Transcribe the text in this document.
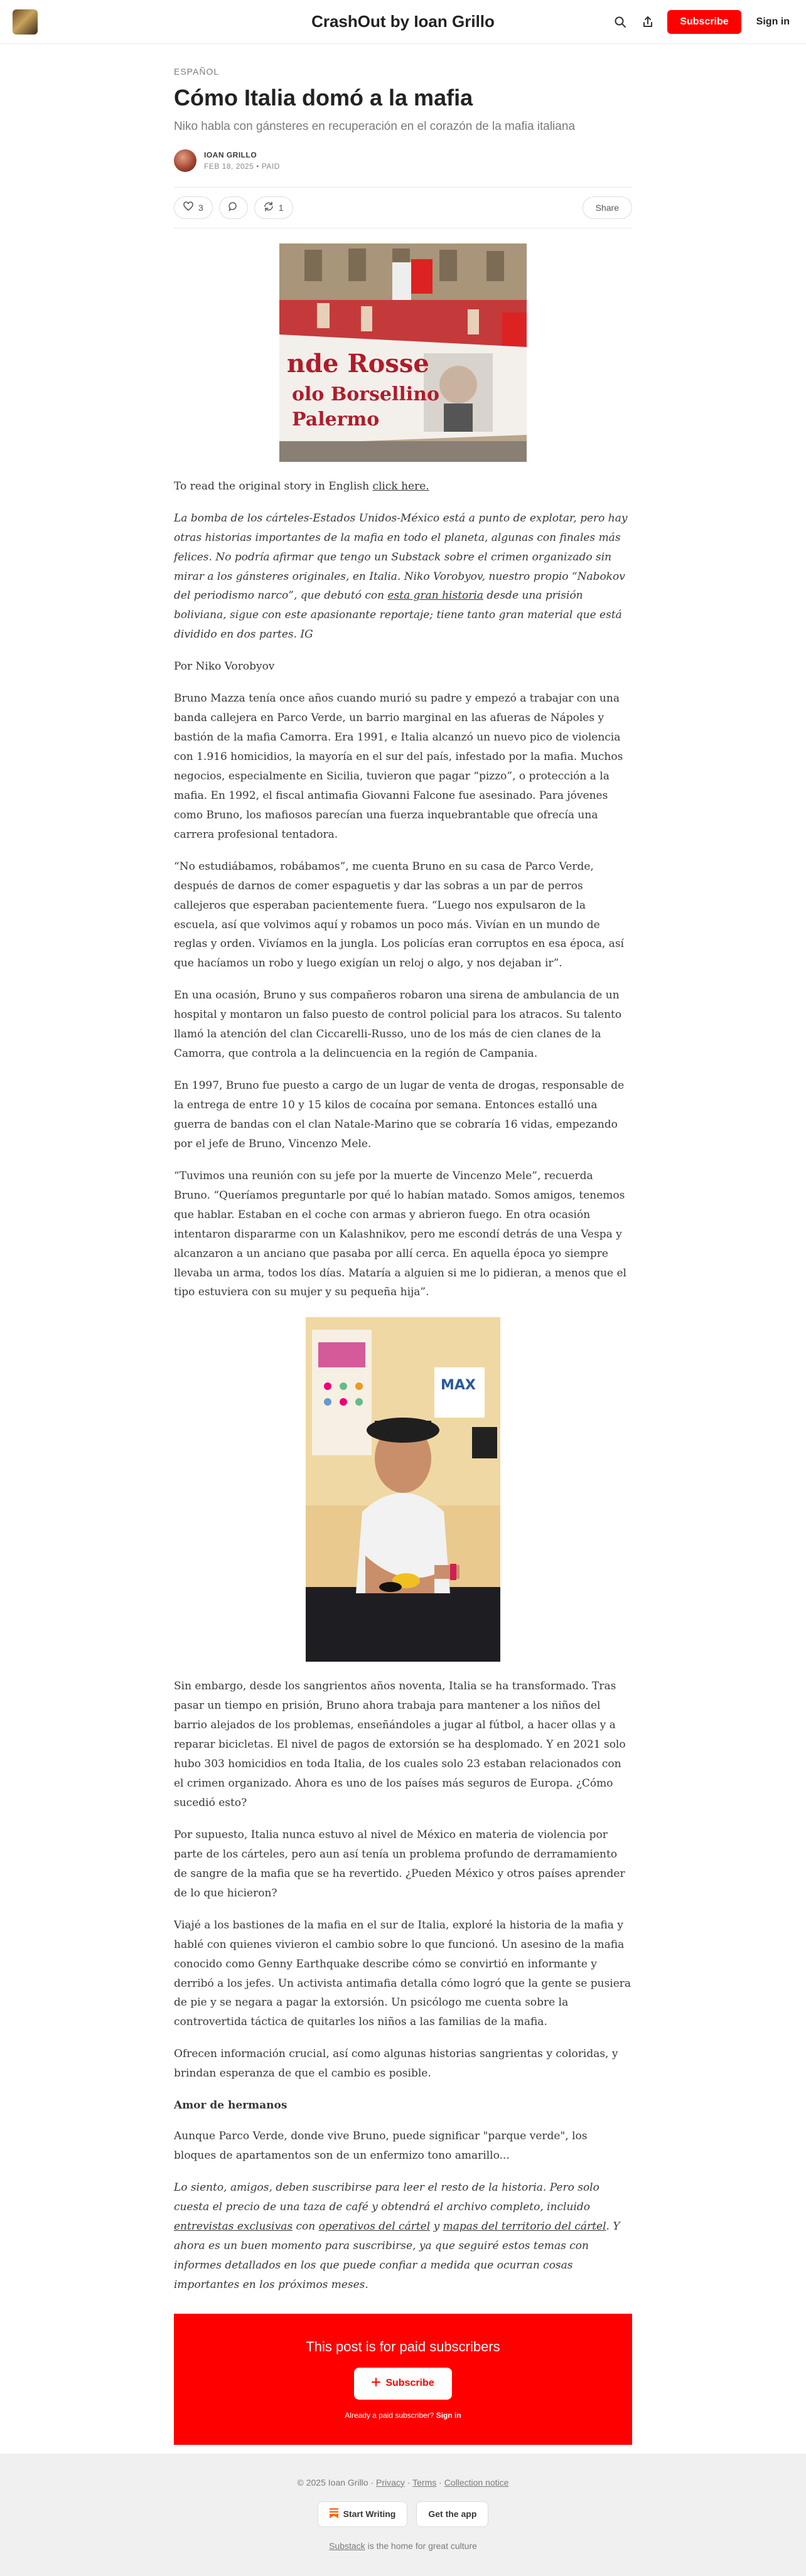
CrashOut by Ioan Grillo	Subscribe	Sign in
ESPAÑOL
Cómo Italia domó a la mafia
Niko habla con gánsteres en recuperación en el corazón de la mafia italiana
IOAN GRILLO
FEB 18, 2025 • PAID
3	1	Share
nde Rosse
olo Borsellino
Palermo

To read the original story in English click here.

La bomba de los cárteles-Estados Unidos-México está a punto de explotar, pero hay otras historias importantes de la mafia en todo el planeta, algunas con finales más felices. No podría afirmar que tengo un Substack sobre el crimen organizado sin mirar a los gánsteres originales, en Italia. Niko Vorobyov, nuestro propio “Nabokov del periodismo narco”, que debutó con esta gran historia desde una prisión boliviana, sigue con este apasionante reportaje; tiene tanto gran material que está dividido en dos partes. IG

Por Niko Vorobyov

Bruno Mazza tenía once años cuando murió su padre y empezó a trabajar con una banda callejera en Parco Verde, un barrio marginal en las afueras de Nápoles y bastión de la mafia Camorra. Era 1991, e Italia alcanzó un nuevo pico de violencia con 1.916 homicidios, la mayoría en el sur del país, infestado por la mafia. Muchos negocios, especialmente en Sicilia, tuvieron que pagar “pizzo”, o protección a la mafia. En 1992, el fiscal antimafia Giovanni Falcone fue asesinado. Para jóvenes como Bruno, los mafiosos parecían una fuerza inquebrantable que ofrecía una carrera profesional tentadora.

“No estudiábamos, robábamos”, me cuenta Bruno en su casa de Parco Verde, después de darnos de comer espaguetis y dar las sobras a un par de perros callejeros que esperaban pacientemente fuera. “Luego nos expulsaron de la escuela, así que volvimos aquí y robamos un poco más. Vivían en un mundo de reglas y orden. Vivíamos en la jungla. Los policías eran corruptos en esa época, así que hacíamos un robo y luego exigían un reloj o algo, y nos dejaban ir”.

En una ocasión, Bruno y sus compañeros robaron una sirena de ambulancia de un hospital y montaron un falso puesto de control policial para los atracos. Su talento llamó la atención del clan Ciccarelli-Russo, uno de los más de cien clanes de la Camorra, que controla a la delincuencia en la región de Campania.

En 1997, Bruno fue puesto a cargo de un lugar de venta de drogas, responsable de la entrega de entre 10 y 15 kilos de cocaína por semana. Entonces estalló una guerra de bandas con el clan Natale-Marino que se cobraría 16 vidas, empezando por el jefe de Bruno, Vincenzo Mele.

“Tuvimos una reunión con su jefe por la muerte de Vincenzo Mele”, recuerda Bruno. “Queríamos preguntarle por qué lo habían matado. Somos amigos, tenemos que hablar. Estaban en el coche con armas y abrieron fuego. En otra ocasión intentaron dispararme con un Kalashnikov, pero me escondí detrás de una Vespa y alcanzaron a un anciano que pasaba por allí cerca. En aquella época yo siempre llevaba un arma, todos los días. Mataría a alguien si me lo pidieran, a menos que el tipo estuviera con su mujer y su pequeña hija”.

MAX

Sin embargo, desde los sangrientos años noventa, Italia se ha transformado. Tras pasar un tiempo en prisión, Bruno ahora trabaja para mantener a los niños del barrio alejados de los problemas, enseñándoles a jugar al fútbol, a hacer ollas y a reparar bicicletas. El nivel de pagos de extorsión se ha desplomado. Y en 2021 solo hubo 303 homicidios en toda Italia, de los cuales solo 23 estaban relacionados con el crimen organizado. Ahora es uno de los países más seguros de Europa. ¿Cómo sucedió esto?

Por supuesto, Italia nunca estuvo al nivel de México en materia de violencia por parte de los cárteles, pero aun así tenía un problema profundo de derramamiento de sangre de la mafia que se ha revertido. ¿Pueden México y otros países aprender de lo que hicieron?

Viajé a los bastiones de la mafia en el sur de Italia, exploré la historia de la mafia y hablé con quienes vivieron el cambio sobre lo que funcionó. Un asesino de la mafia conocido como Genny Earthquake describe cómo se convirtió en informante y derribó a los jefes. Un activista antimafia detalla cómo logró que la gente se pusiera de pie y se negara a pagar la extorsión. Un psicólogo me cuenta sobre la controvertida táctica de quitarles los niños a las familias de la mafia.

Ofrecen información crucial, así como algunas historias sangrientas y coloridas, y brindan esperanza de que el cambio es posible.

Amor de hermanos

Aunque Parco Verde, donde vive Bruno, puede significar "parque verde", los bloques de apartamentos son de un enfermizo tono amarillo...

Lo siento, amigos, deben suscribirse para leer el resto de la historia. Pero solo cuesta el precio de una taza de café y obtendrá el archivo completo, incluido entrevistas exclusivas con operativos del cártel y mapas del territorio del cártel. Y ahora es un buen momento para suscribirse, ya que seguiré estos temas con informes detallados en los que puede confiar a medida que ocurran cosas importantes en los próximos meses.

This post is for paid subscribers
Subscribe
Already a paid subscriber? Sign in
© 2025 Ioan Grillo · Privacy · Terms · Collection notice
Start Writing	Get the app
Substack is the home for great culture
